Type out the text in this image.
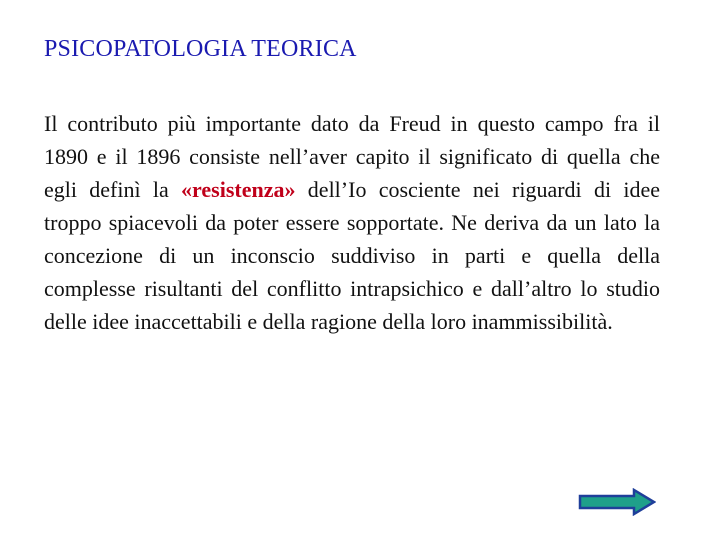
PSICOPATOLOGIA TEORICA

Il contributo più importante dato da Freud in questo campo fra il 1890 e il 1896 consiste nell’aver capito il significato di quella che egli definì la «resistenza» dell’Io cosciente nei riguardi di idee troppo spiacevoli da poter essere sopportate. Ne deriva da un lato la concezione di un inconscio suddiviso in parti e quella della complesse risultanti del conflitto intrapsichico e dall’altro lo studio delle idee inaccettabili e della ragione della loro inammissibilità.
